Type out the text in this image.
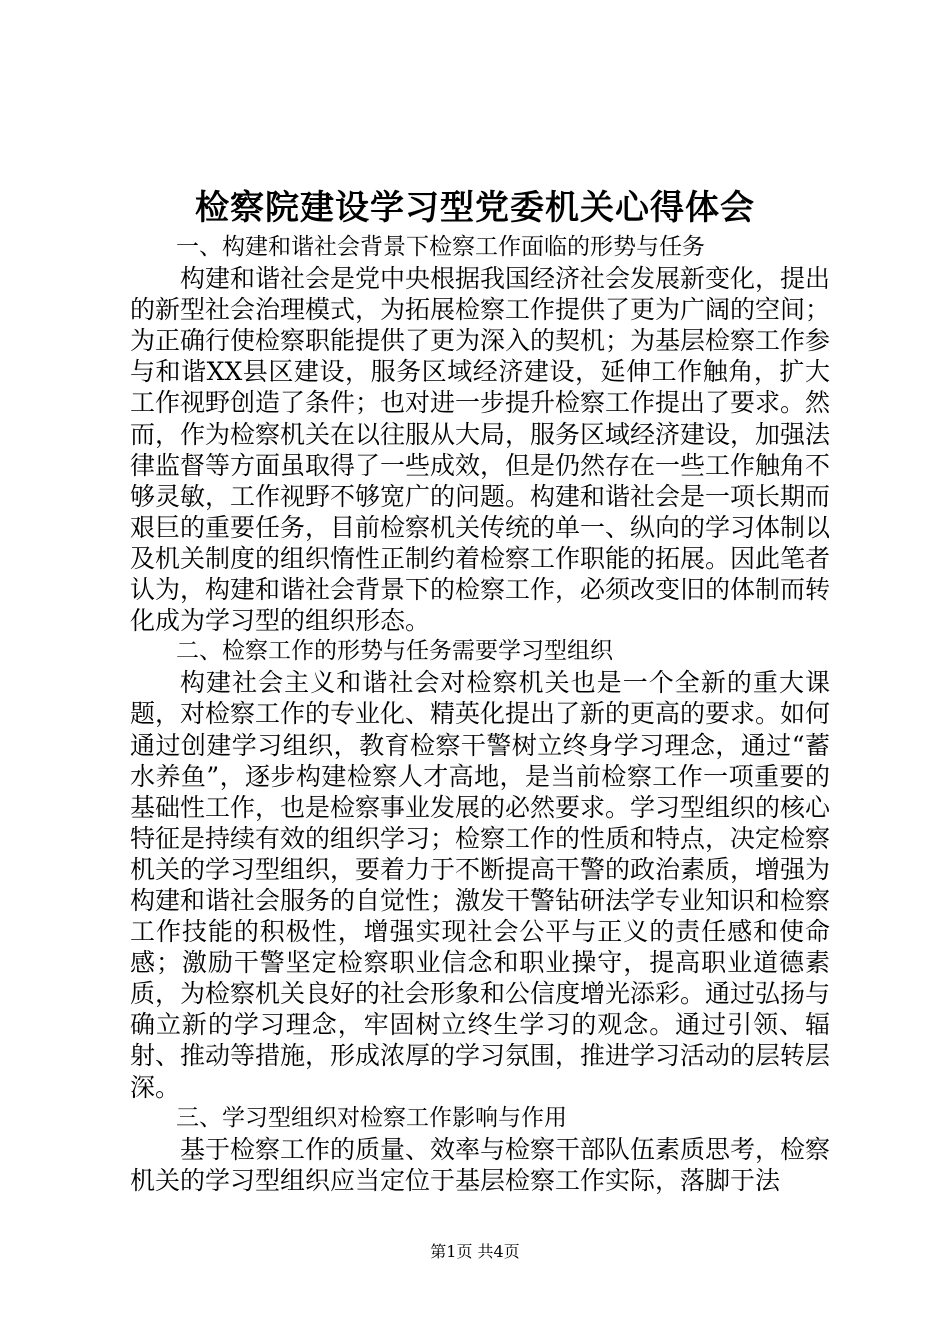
检察院建设学习型党委机关心得体会

一、构建和谐社会背景下检察工作面临的形势与任务

构建和谐社会是党中央根据我国经济社会发展新变化，提出的新型社会治理模式，为拓展检察工作提供了更为广阔的空间；为正确行使检察职能提供了更为深入的契机；为基层检察工作参与和谐XX县区建设，服务区域经济建设，延伸工作触角，扩大工作视野创造了条件；也对进一步提升检察工作提出了要求。然而，作为检察机关在以往服从大局，服务区域经济建设，加强法律监督等方面虽取得了一些成效，但是仍然存在一些工作触角不够灵敏，工作视野不够宽广的问题。构建和谐社会是一项长期而艰巨的重要任务，目前检察机关传统的单一、纵向的学习体制以及机关制度的组织惰性正制约着检察工作职能的拓展。因此笔者认为，构建和谐社会背景下的检察工作，必须改变旧的体制而转化成为学习型的组织形态。

二、检察工作的形势与任务需要学习型组织

构建社会主义和谐社会对检察机关也是一个全新的重大课题，对检察工作的专业化、精英化提出了新的更高的要求。如何通过创建学习组织，教育检察干警树立终身学习理念，通过“蓄水养鱼”，逐步构建检察人才高地，是当前检察工作一项重要的基础性工作，也是检察事业发展的必然要求。学习型组织的核心特征是持续有效的组织学习；检察工作的性质和特点，决定检察机关的学习型组织，要着力于不断提高干警的政治素质，增强为构建和谐社会服务的自觉性；激发干警钻研法学专业知识和检察工作技能的积极性，增强实现社会公平与正义的责任感和使命感；激励干警坚定检察职业信念和职业操守，提高职业道德素质，为检察机关良好的社会形象和公信度增光添彩。通过弘扬与确立新的学习理念，牢固树立终生学习的观念。通过引领、辐射、推动等措施，形成浓厚的学习氛围，推进学习活动的层转层深。

三、学习型组织对检察工作影响与作用

基于检察工作的质量、效率与检察干部队伍素质思考，检察机关的学习型组织应当定位于基层检察工作实际，落脚于法

第1页 共4页
